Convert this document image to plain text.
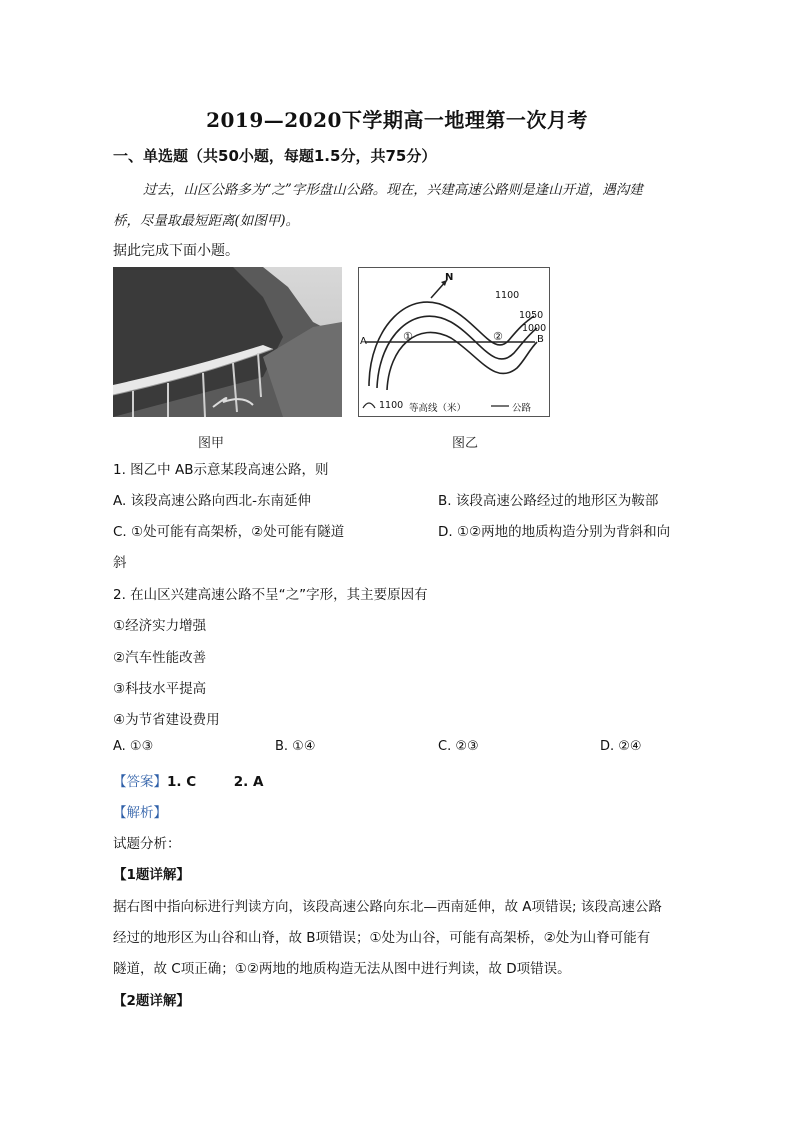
2019—2020下学期高一地理第一次月考
一、单选题（共50小题，每题1.5分，共75分）
过去，山区公路多为“之”字形盘山公路。现在，兴建高速公路则是逢山开道，遇沟建
桥，尽量取最短距离(如图甲)。
据此完成下面小题。
图甲
N
1100
1050
1000
A	B
①	②
1100 等高线（米）	公路
图乙
1. 图乙中 AB示意某段高速公路，则
A. 该段高速公路向西北-东南延伸	B. 该段高速公路经过的地形区为鞍部
C. ①处可能有高架桥，②处可能有隧道	D. ①②两地的地质构造分别为背斜和向
斜
2. 在山区兴建高速公路不呈“之”字形，其主要原因有
①经济实力增强
②汽车性能改善
③科技水平提高
④为节省建设费用
A. ①③	B. ①④	C. ②③	D. ②④
【答案】1. C        2. A
【解析】
试题分析：
【1题详解】
据右图中指向标进行判读方向，该段高速公路向东北—西南延伸，故 A项错误; 该段高速公路
经过的地形区为山谷和山脊，故 B项错误；①处为山谷，可能有高架桥，②处为山脊可能有
隧道，故 C项正确；①②两地的地质构造无法从图中进行判读，故 D项错误。
【2题详解】
